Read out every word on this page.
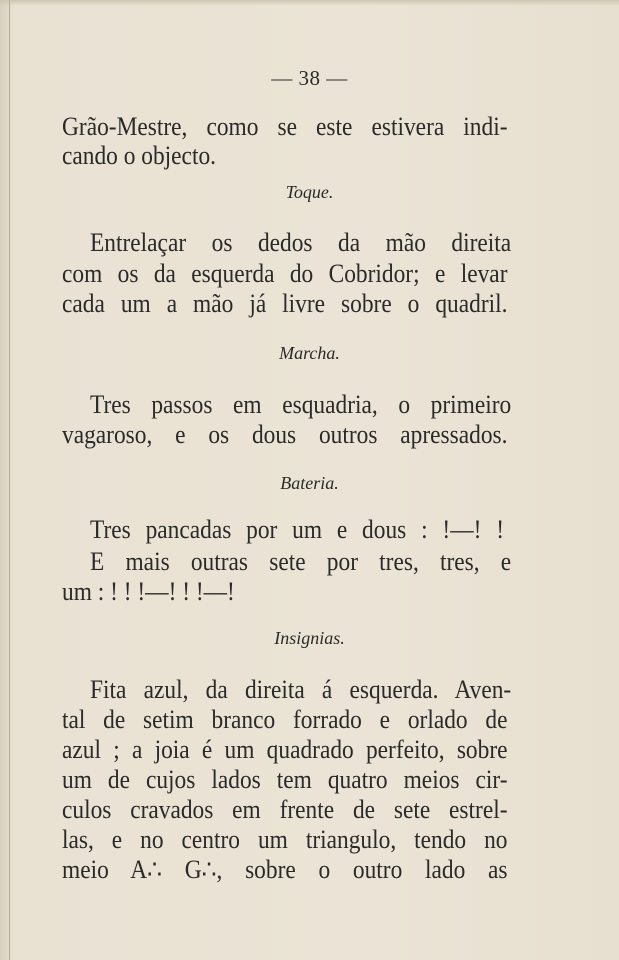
— 38 —
Grão-Mestre, como se este estivera indi-
cando o objecto.
Toque.
Entrelaçar os dedos da mão direita
com os da esquerda do Cobridor; e levar
cada um a mão já livre sobre o quadril.
Marcha.
Tres passos em esquadria, o primeiro
vagaroso, e os dous outros apressados.
Bateria.
Tres pancadas por um e dous : !—! !
E mais outras sete por tres, tres, e
um : ! ! !—! ! !—!
Insignias.
Fita azul, da direita á esquerda. Aven-
tal de setim branco forrado e orlado de
azul ; a joia é um quadrado perfeito, sobre
um de cujos lados tem quatro meios cir-
culos cravados em frente de sete estrel-
las, e no centro um triangulo, tendo no
meio A∴ G∴, sobre o outro lado as
